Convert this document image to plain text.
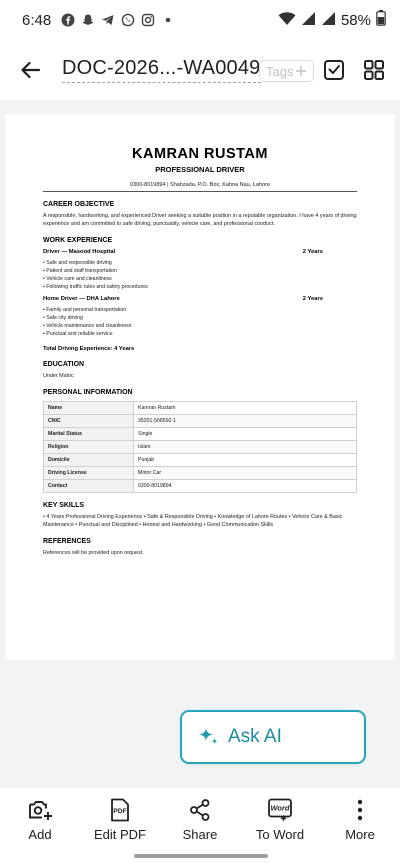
6:48	58%
DOC-2026...-WA0049 Tags
KAMRAN RUSTAM
PROFESSIONAL DRIVER
0300-8019894 | Shahzada, P.O. Box, Kahna Nau, Lahore
CAREER OBJECTIVE
A responsible, hardworking, and experienced Driver seeking a suitable position in a reputable organization. I have 4 years of driving experience and am committed to safe driving, punctuality, vehicle care, and professional conduct.
WORK EXPERIENCE
Driver — Masood Hospital	2 Years
• Safe and responsible driving
• Patient and staff transportation
• Vehicle care and cleanliness
• Following traffic rules and safety procedures
Home Driver — DHA Lahore	2 Years
• Family and personal transportation
• Safe city driving
• Vehicle maintenance and cleanliness
• Punctual and reliable service
Total Driving Experience: 4 Years
EDUCATION
Under Matric
PERSONAL INFORMATION
Name	Kamran Rustam
CNIC	35201-568592-1
Marital Status	Single
Religion	Islam
Domicile	Punjab
Driving License	Motor Car
Contact	0300-8019894
KEY SKILLS
• 4 Years Professional Driving Experience • Safe & Responsible Driving • Knowledge of Lahore Routes • Vehicle Care & Basic Maintenance • Punctual and Disciplined • Honest and Hardworking • Good Communication Skills
REFERENCES
References will be provided upon request.
Ask AI
Add
PDF
Edit PDF	Share
Word
To Word	More
